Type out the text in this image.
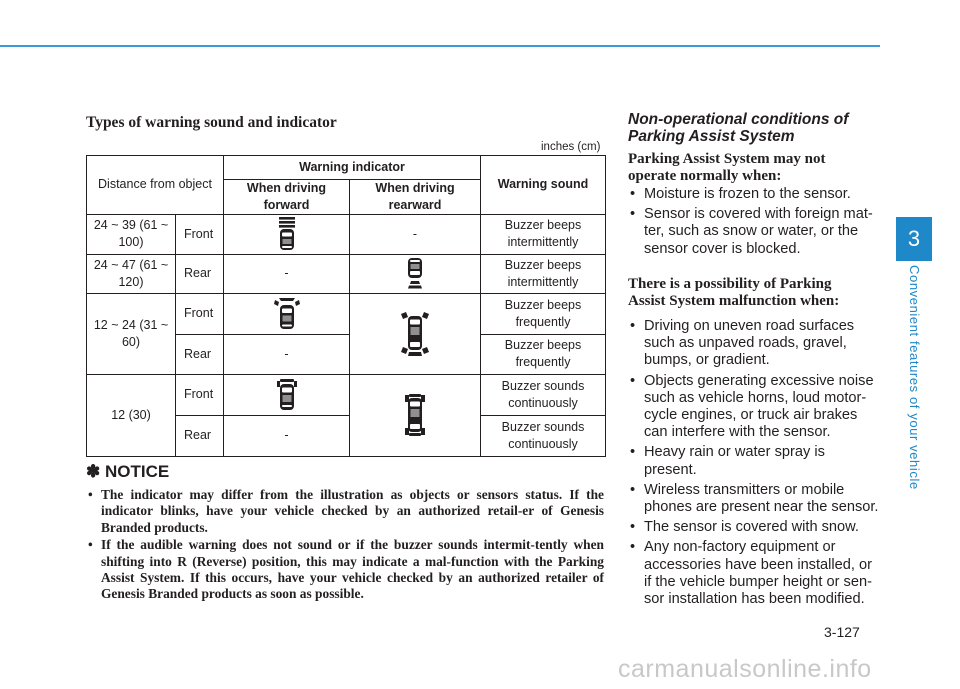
3
Convenient features of your vehicle
Types of warning sound and indicator
inches (cm)
Distance from object		Warning indicator		Warning sound
		When driving forward	When driving rearward	
24 ~ 39 (61 ~ 100)	Front		-	Buzzer beeps intermittently
24 ~ 47 (61 ~ 120)	Rear	-		Buzzer beeps intermittently
12 ~ 24 (31 ~ 60)	Front			Buzzer beeps frequently
	Rear	-		Buzzer beeps frequently
12 (30)	Front			Buzzer sounds continuously
	Rear	-		Buzzer sounds continuously
✽ NOTICE
• The indicator may differ from the illustration as objects or sensors status. If the indicator blinks, have your vehicle checked by an authorized retail-er of Genesis Branded products.
• If the audible warning does not sound or if the buzzer sounds intermit-tently when shifting into R (Reverse) position, this may indicate a mal-function with the Parking Assist System. If this occurs, have your vehicle checked by an authorized retailer of Genesis Branded products as soon as possible.
Non-operational conditions of
Parking Assist System
Parking Assist System may not
operate normally when:
• Moisture is frozen to the sensor.
• Sensor is covered with foreign mat-ter, such as snow or water, or the sensor cover is blocked.
There is a possibility of Parking
Assist System malfunction when:
• Driving on uneven road surfaces such as unpaved roads, gravel, bumps, or gradient.
• Objects generating excessive noise such as vehicle horns, loud motor-cycle engines, or truck air brakes can interfere with the sensor.
• Heavy rain or water spray is present.
• Wireless transmitters or mobile phones are present near the sensor.
• The sensor is covered with snow.
• Any non-factory equipment or accessories have been installed, or if the vehicle bumper height or sen-sor installation has been modified.
3-127
carmanualsonline.info
